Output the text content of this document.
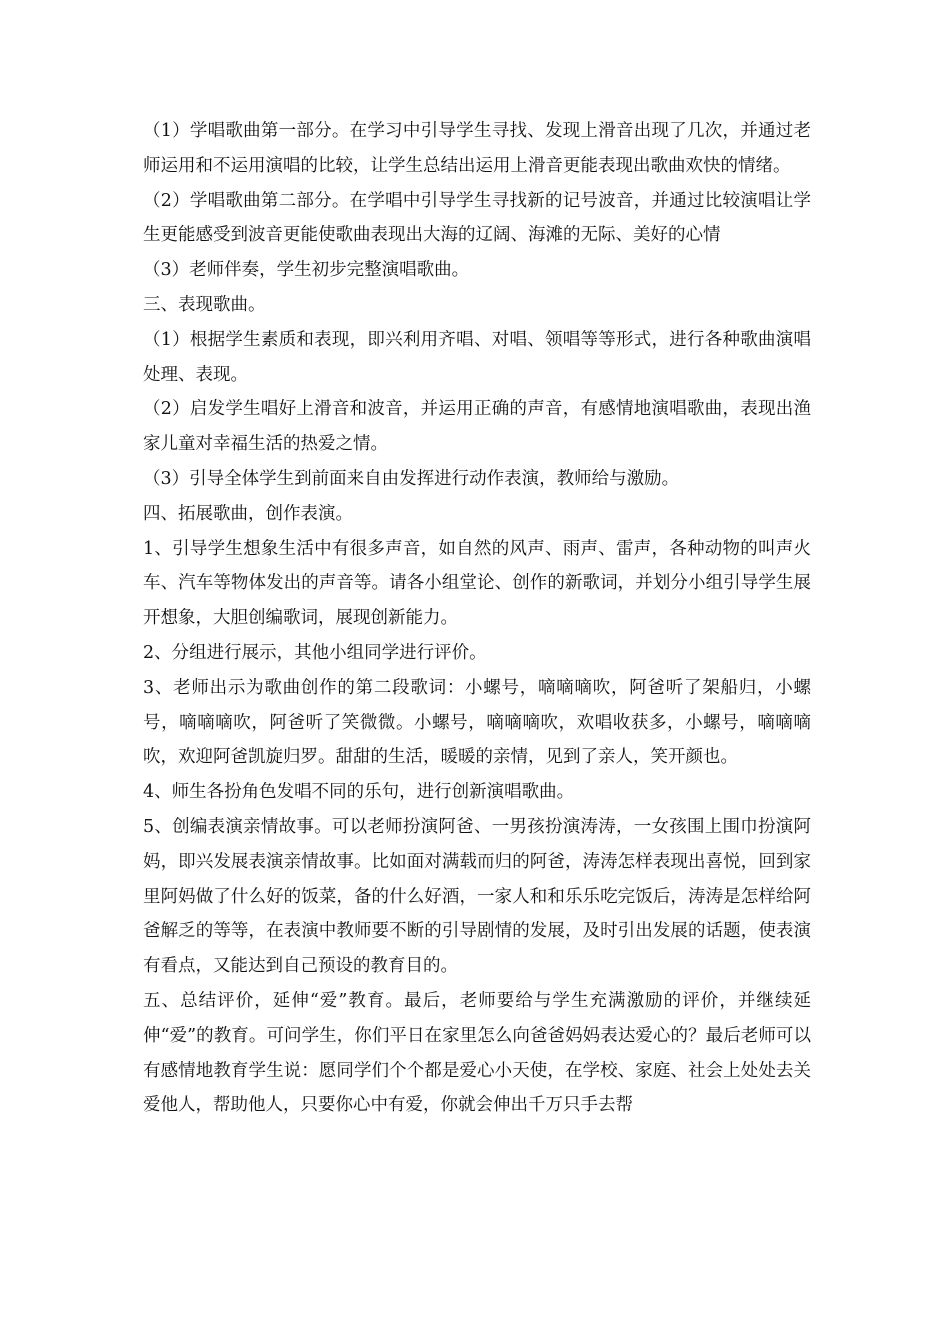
（1）学唱歌曲第一部分。在学习中引导学生寻找、发现上滑音出现了几次，并通过老师运用和不运用演唱的比较，让学生总结出运用上滑音更能表现出歌曲欢快的情绪。

（2）学唱歌曲第二部分。在学唱中引导学生寻找新的记号波音，并通过比较演唱让学生更能感受到波音更能使歌曲表现出大海的辽阔、海滩的无际、美好的心情

（3）老师伴奏，学生初步完整演唱歌曲。

三、表现歌曲。

（1）根据学生素质和表现，即兴利用齐唱、对唱、领唱等等形式，进行各种歌曲演唱处理、表现。

（2）启发学生唱好上滑音和波音，并运用正确的声音，有感情地演唱歌曲，表现出渔家儿童对幸福生活的热爱之情。

（3）引导全体学生到前面来自由发挥进行动作表演，教师给与激励。

四、拓展歌曲，创作表演。

1、引导学生想象生活中有很多声音，如自然的风声、雨声、雷声，各种动物的叫声火车、汽车等物体发出的声音等。请各小组堂论、创作的新歌词，并划分小组引导学生展开想象，大胆创编歌词，展现创新能力。

2、分组进行展示，其他小组同学进行评价。

3、老师出示为歌曲创作的第二段歌词：小螺号，嘀嘀嘀吹，阿爸听了架船归，小螺号，嘀嘀嘀吹，阿爸听了笑微微。小螺号，嘀嘀嘀吹，欢唱收获多，小螺号，嘀嘀嘀吹，欢迎阿爸凯旋归罗。甜甜的生活，暖暖的亲情，见到了亲人，笑开颜也。

4、师生各扮角色发唱不同的乐句，进行创新演唱歌曲。

5、创编表演亲情故事。可以老师扮演阿爸、一男孩扮演涛涛，一女孩围上围巾扮演阿妈，即兴发展表演亲情故事。比如面对满载而归的阿爸，涛涛怎样表现出喜悦，回到家里阿妈做了什么好的饭菜，备的什么好酒，一家人和和乐乐吃完饭后，涛涛是怎样给阿爸解乏的等等，在表演中教师要不断的引导剧情的发展，及时引出发展的话题，使表演有看点，又能达到自己预设的教育目的。

五、总结评价，延伸“爱”教育。最后，老师要给与学生充满激励的评价，并继续延伸“爱”的教育。可问学生，你们平日在家里怎么向爸爸妈妈表达爱心的？最后老师可以有感情地教育学生说：愿同学们个个都是爱心小天使，在学校、家庭、社会上处处去关爱他人，帮助他人，只要你心中有爱，你就会伸出千万只手去帮
